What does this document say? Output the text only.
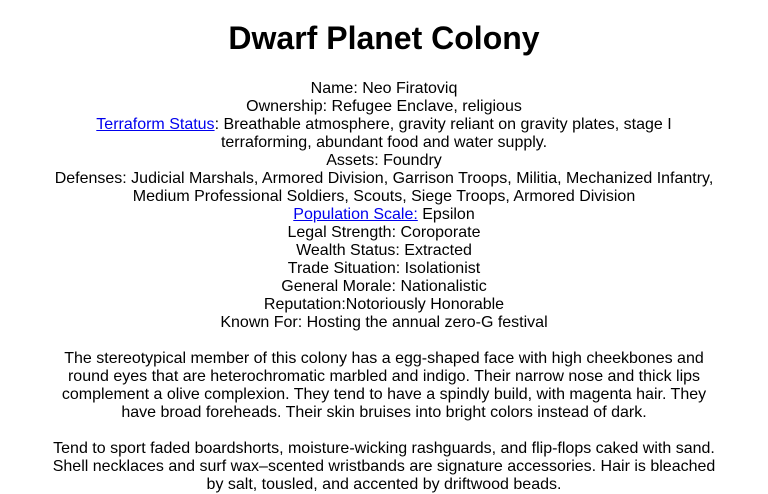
Dwarf Planet Colony
Name: Neo Firatoviq
Ownership: Refugee Enclave, religious
Terraform Status: Breathable atmosphere, gravity reliant on gravity plates, stage I terraforming, abundant food and water supply.
Assets: Foundry
Defenses: Judicial Marshals, Armored Division, Garrison Troops, Militia, Mechanized Infantry, Medium Professional Soldiers, Scouts, Siege Troops, Armored Division
Population Scale: Epsilon
Legal Strength: Coroporate
Wealth Status: Extracted
Trade Situation: Isolationist
General Morale: Nationalistic
Reputation:Notoriously Honorable
Known For: Hosting the annual zero-G festival
The stereotypical member of this colony has a egg-shaped face with high cheekbones and round eyes that are heterochromatic marbled and indigo. Their narrow nose and thick lips complement a olive complexion. They tend to have a spindly build, with magenta hair. They have broad foreheads. Their skin bruises into bright colors instead of dark.
Tend to sport faded boardshorts, moisture-wicking rashguards, and flip-flops caked with sand. Shell necklaces and surf wax–scented wristbands are signature accessories. Hair is bleached by salt, tousled, and accented by driftwood beads.
